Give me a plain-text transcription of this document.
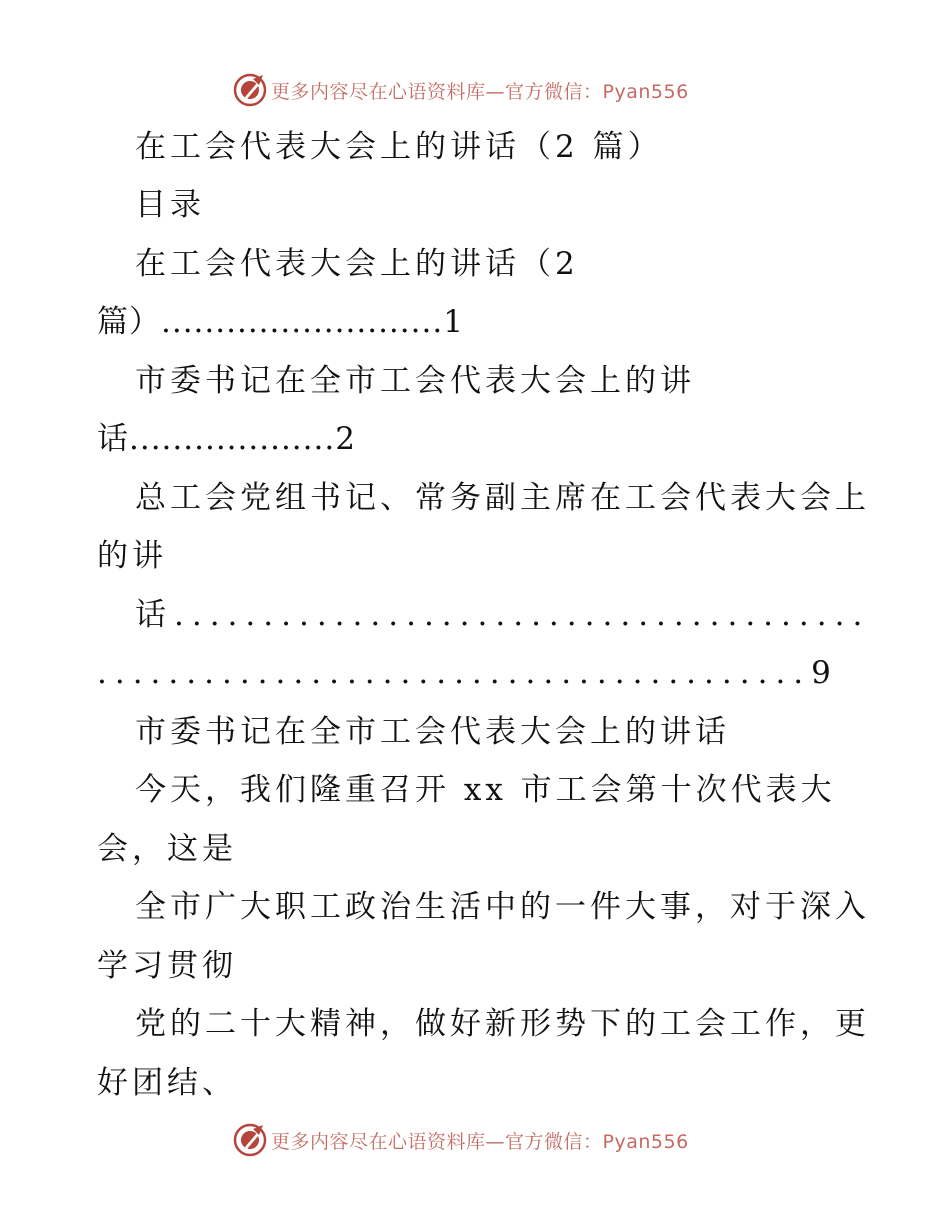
更多内容尽在心语资料库—官方微信：Pyan556
在工会代表大会上的讲话（2 篇）
目录
在工会代表大会上的讲话（2
篇）..........................1
市委书记在全市工会代表大会上的讲
话...................2
总工会党组书记、常务副主席在工会代表大会上
的讲
话.......................................
........................................9
市委书记在全市工会代表大会上的讲话
今天，我们隆重召开 xx 市工会第十次代表大
会，这是
全市广大职工政治生活中的一件大事，对于深入
学习贯彻
党的二十大精神，做好新形势下的工会工作，更
好团结、
更多内容尽在心语资料库—官方微信：Pyan556
